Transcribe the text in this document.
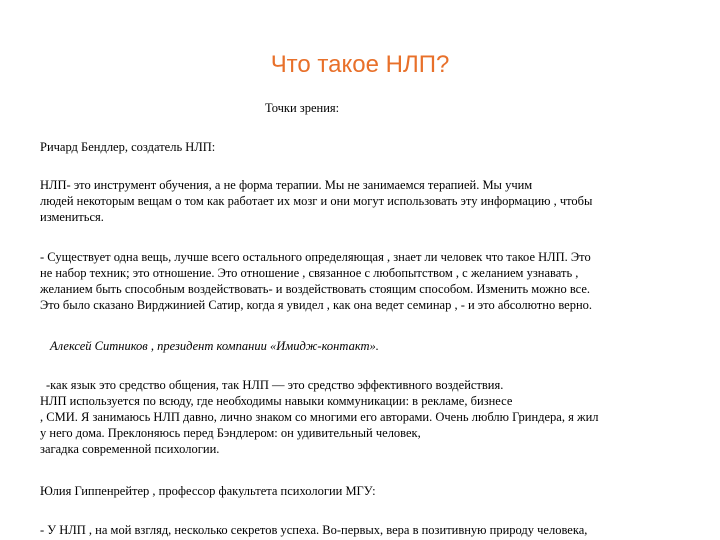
Что такое НЛП?
Точки зрения:
Ричард Бендлер, создатель НЛП:
НЛП- это инструмент обучения, а не форма терапии. Мы не занимаемся терапией. Мы учим
людей некоторым вещам о том как работает их мозг и они могут использовать эту информацию , чтобы
измениться.
- Существует одна вещь, лучше всего остального определяющая , знает ли человек что такое НЛП. Это
не набор техник; это отношение. Это отношение , связанное с любопытством , с желанием узнавать ,
желанием быть способным воздействовать- и воздействовать стоящим способом. Изменить можно все.
Это было сказано Вирджинией Сатир, когда я увидел , как она ведет семинар , - и это абсолютно верно.
Алексей Ситников , президент компании «Имидж-контакт».
-как язык это средство общения, так НЛП — это средство эффективного воздействия.
НЛП используется по всюду, где необходимы навыки коммуникации: в рекламе, бизнесе
, СМИ. Я занимаюсь НЛП давно, лично знаком со многими его авторами. Очень люблю Гриндера, я жил
у него дома. Преклоняюсь перед Бэндлером: он удивительный человек,
загадка современной психологии.
Юлия Гиппенрейтер , профессор факультета психологии МГУ:
- У НЛП , на мой взгляд, несколько секретов успеха. Во-первых, вера в позитивную природу человека,
